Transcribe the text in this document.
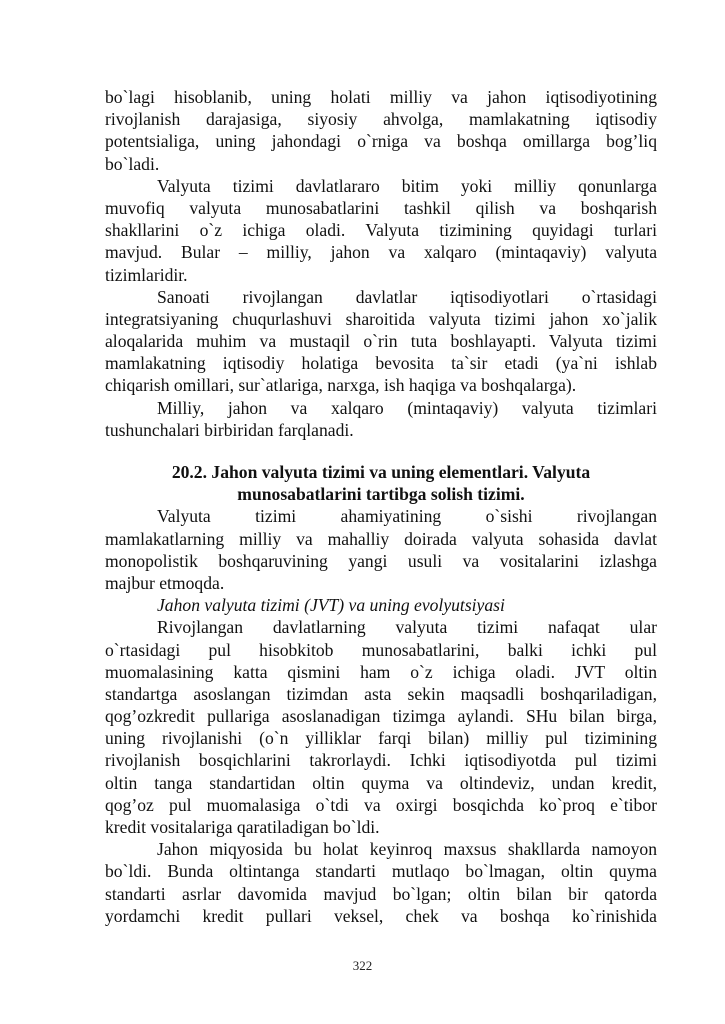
bo`lagi hisoblanib, uning holati milliy va jahon iqtisodiyotining
rivojlanish darajasiga, siyosiy ahvolga, mamlakatning iqtisodiy
potentsialiga, uning jahondagi o`rniga va boshqa omillarga bog’liq
bo`ladi.
Valyuta tizimi davlatlararo bitim yoki milliy qonunlarga
muvofiq valyuta munosabatlarini tashkil qilish va boshqarish
shakllarini o`z ichiga oladi. Valyuta tizimining quyidagi turlari
mavjud. Bular – milliy, jahon va xalqaro (mintaqaviy) valyuta
tizimlaridir.
Sanoati rivojlangan davlatlar iqtisodiyotlari o`rtasidagi
integratsiyaning chuqurlashuvi sharoitida valyuta tizimi jahon xo`jalik
aloqalarida muhim va mustaqil o`rin tuta boshlayapti. Valyuta tizimi
mamlakatning iqtisodiy holatiga bevosita ta`sir etadi (ya`ni ishlab
chiqarish omillari, sur`atlariga, narxga, ish haqiga va boshqalarga).
Milliy, jahon va xalqaro (mintaqaviy) valyuta tizimlari
tushunchalari birbiridan farqlanadi.
20.2. Jahon valyuta tizimi va uning elementlari. Valyuta
munosabatlarini tartibga solish tizimi.
Valyuta tizimi ahamiyatining o`sishi rivojlangan
mamlakatlarning milliy va mahalliy doirada valyuta sohasida davlat
monopolistik boshqaruvining yangi usuli va vositalarini izlashga
majbur etmoqda.
Jahon valyuta tizimi (JVT) va uning evolyutsiyasi
Rivojlangan davlatlarning valyuta tizimi nafaqat ular
o`rtasidagi pul hisobkitob munosabatlarini, balki ichki pul
muomalasining katta qismini ham o`z ichiga oladi. JVT oltin
standartga asoslangan tizimdan asta sekin maqsadli boshqariladigan,
qog’ozkredit pullariga asoslanadigan tizimga aylandi. SHu bilan birga,
uning rivojlanishi (o`n yilliklar farqi bilan) milliy pul tizimining
rivojlanish bosqichlarini takrorlaydi. Ichki iqtisodiyotda pul tizimi
oltin tanga standartidan oltin quyma va oltindeviz, undan kredit,
qog’oz pul muomalasiga o`tdi va oxirgi bosqichda ko`proq e`tibor
kredit vositalariga qaratiladigan bo`ldi.
Jahon miqyosida bu holat keyinroq maxsus shakllarda namoyon
bo`ldi. Bunda oltintanga standarti mutlaqo bo`lmagan, oltin quyma
standarti asrlar davomida mavjud bo`lgan; oltin bilan bir qatorda
yordamchi kredit pullari veksel, chek va boshqa ko`rinishida
322
